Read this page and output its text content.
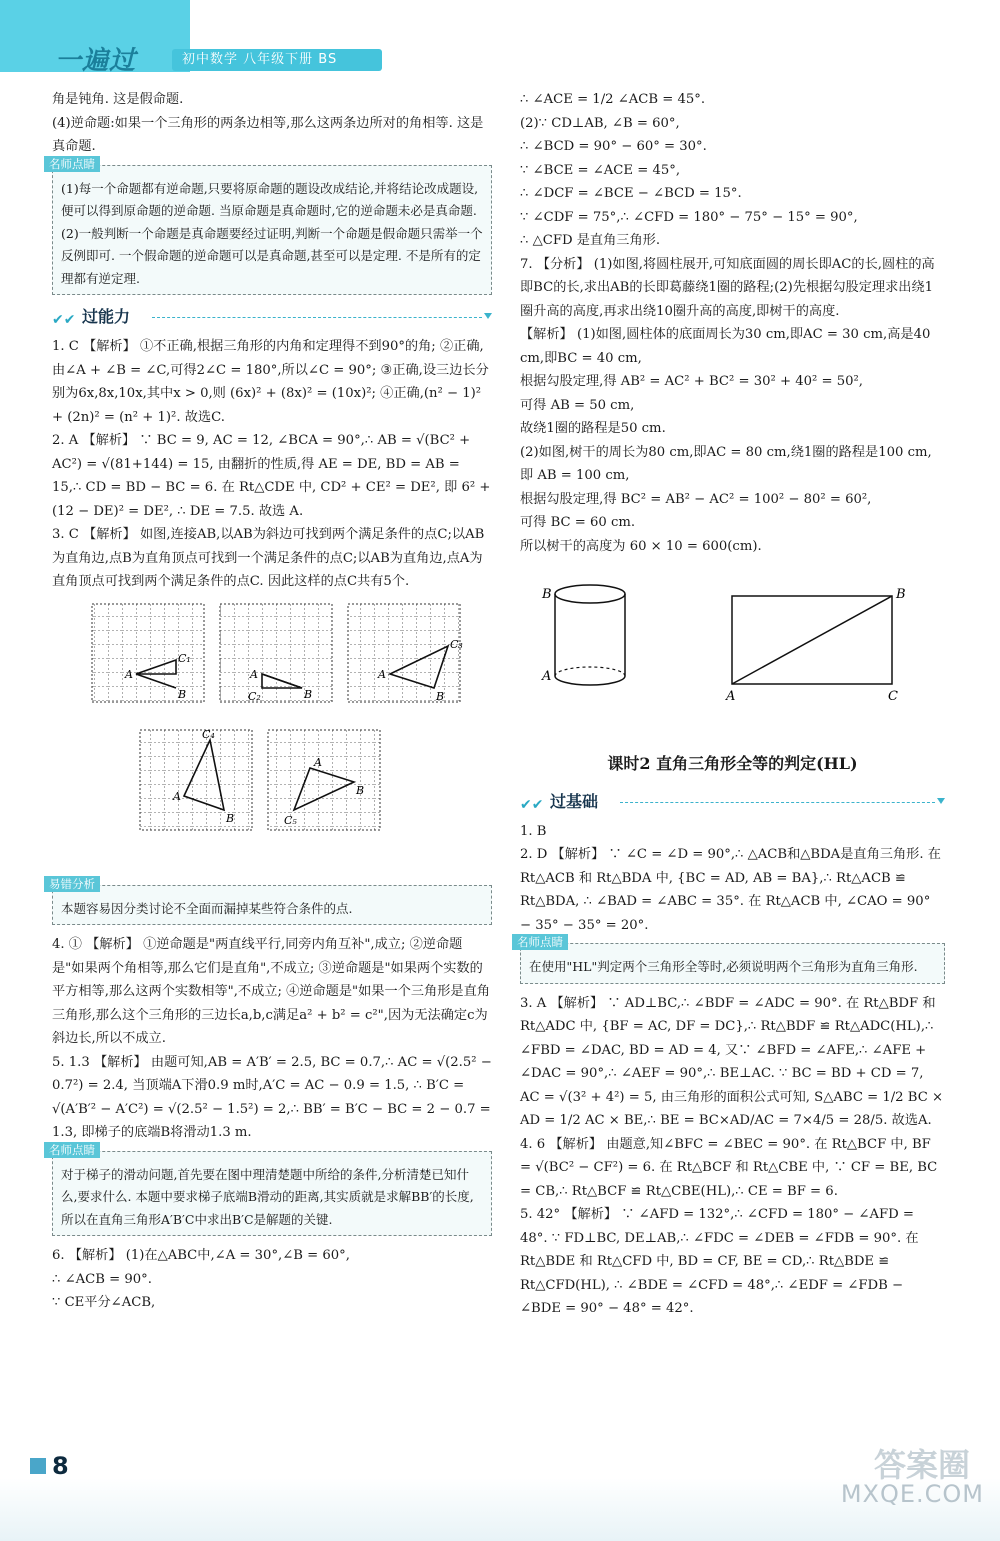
一遍过	初中数学 八年级下册 BS

角是钝角. 这是假命题.

(4)逆命题:如果一个三角形的两条边相等,那么这两条边所对的角相等. 这是真命题.

名师点睛
(1)每一个命题都有逆命题,只要将原命题的题设改成结论,并将结论改成题设,便可以得到原命题的逆命题. 当原命题是真命题时,它的逆命题未必是真命题. (2)一般判断一个命题是真命题要经过证明,判断一个命题是假命题只需举一个反例即可. 一个假命题的逆命题可以是真命题,甚至可以是定理. 不是所有的定理都有逆定理.
✔︎✔︎ 过能力

1. C 【解析】 ①不正确,根据三角形的内角和定理得不到90°的角; ②正确,由∠A + ∠B = ∠C,可得2∠C = 180°,所以∠C = 90°; ③正确,设三边长分别为6x,8x,10x,其中x > 0,则 (6x)² + (8x)² = (10x)²; ④正确,(n² − 1)² + (2n)² = (n² + 1)². 故选C.

2. A 【解析】 ∵ BC = 9, AC = 12, ∠BCA = 90°,∴ AB = √(BC² + AC²) = √(81+144) = 15, 由翻折的性质,得 AE = DE, BD = AB = 15,∴ CD = BD − BC = 6. 在 Rt△CDE 中, CD² + CE² = DE², 即 6² + (12 − DE)² = DE², ∴ DE = 7.5. 故选 A.

3. C 【解析】 如图,连接AB,以AB为斜边可找到两个满足条件的点C;以AB为直角边,点B为直角顶点可找到一个满足条件的点C;以AB为直角边,点A为直角顶点可找到两个满足条件的点C. 因此这样的点C共有5个.

A
B
C₁
A
B
C₂
A
B
C₃
A
B
C₄
A
B
C₅
易错分析
本题容易因分类讨论不全面而漏掉某些符合条件的点.

4. ① 【解析】 ①逆命题是"两直线平行,同旁内角互补",成立; ②逆命题是"如果两个角相等,那么它们是直角",不成立; ③逆命题是"如果两个实数的平方相等,那么这两个实数相等",不成立; ④逆命题是"如果一个三角形是直角三角形,那么这个三角形的三边长a,b,c满足a² + b² = c²",因为无法确定c为斜边长,所以不成立.

5. 1.3 【解析】 由题可知,AB = A′B′ = 2.5, BC = 0.7,∴ AC = √(2.5² − 0.7²) = 2.4, 当顶端A下滑0.9 m时,A′C = AC − 0.9 = 1.5, ∴ B′C = √(A′B′² − A′C²) = √(2.5² − 1.5²) = 2,∴ BB′ = B′C − BC = 2 − 0.7 = 1.3, 即梯子的底端B将滑动1.3 m.

名师点睛
对于梯子的滑动问题,首先要在图中理清楚题中所给的条件,分析清楚已知什么,要求什么. 本题中要求梯子底端B滑动的距离,其实质就是求解BB′的长度,所以在直角三角形A′B′C中求出B′C是解题的关键.

6. 【解析】 (1)在△ABC中,∠A = 30°,∠B = 60°,

∴ ∠ACB = 90°.

∵ CE平分∠ACB,

∴ ∠ACE = 1/2 ∠ACB = 45°.

(2)∵ CD⊥AB, ∠B = 60°,

∴ ∠BCD = 90° − 60° = 30°.

∵ ∠BCE = ∠ACE = 45°,

∴ ∠DCF = ∠BCE − ∠BCD = 15°.

∵ ∠CDF = 75°,∴ ∠CFD = 180° − 75° − 15° = 90°,

∴ △CFD 是直角三角形.

7. 【分析】 (1)如图,将圆柱展开,可知底面圆的周长即AC的长,圆柱的高即BC的长,求出AB的长即葛藤绕1圈的路程;(2)先根据勾股定理求出绕1圈升高的高度,再求出绕10圈升高的高度,即树干的高度.

【解析】 (1)如图,圆柱体的底面周长为30 cm,即AC = 30 cm,高是40 cm,即BC = 40 cm,

根据勾股定理,得 AB² = AC² + BC² = 30² + 40² = 50²,

可得 AB = 50 cm,

故绕1圈的路程是50 cm.

(2)如图,树干的周长为80 cm,即AC = 80 cm,绕1圈的路程是100 cm,

即 AB = 100 cm,

根据勾股定理,得 BC² = AB² − AC² = 100² − 80² = 60²,

可得 BC = 60 cm.

所以树干的高度为 60 × 10 = 600(cm).

B
A
B
A	C
课时2 直角三角形全等的判定(HL)
✔︎✔︎ 过基础

1. B

2. D 【解析】 ∵ ∠C = ∠D = 90°,∴ △ACB和△BDA是直角三角形. 在 Rt△ACB 和 Rt△BDA 中, {BC = AD, AB = BA},∴ Rt△ACB ≌ Rt△BDA, ∴ ∠BAD = ∠ABC = 35°. 在 Rt△ACB 中, ∠CAO = 90° − 35° − 35° = 20°.

名师点睛
在使用"HL"判定两个三角形全等时,必须说明两个三角形为直角三角形.

3. A 【解析】 ∵ AD⊥BC,∴ ∠BDF = ∠ADC = 90°. 在 Rt△BDF 和 Rt△ADC 中, {BF = AC, DF = DC},∴ Rt△BDF ≌ Rt△ADC(HL),∴ ∠FBD = ∠DAC, BD = AD = 4, 又∵ ∠BFD = ∠AFE,∴ ∠AFE + ∠DAC = 90°,∴ ∠AEF = 90°,∴ BE⊥AC. ∵ BC = BD + CD = 7, AC = √(3² + 4²) = 5, 由三角形的面积公式可知, S△ABC = 1/2 BC × AD = 1/2 AC × BE,∴ BE = BC×AD/AC = 7×4/5 = 28/5. 故选A.

4. 6 【解析】 由题意,知∠BFC = ∠BEC = 90°. 在 Rt△BCF 中, BF = √(BC² − CF²) = 6. 在 Rt△BCF 和 Rt△CBE 中, ∵ CF = BE, BC = CB,∴ Rt△BCF ≌ Rt△CBE(HL),∴ CE = BF = 6.

5. 42° 【解析】 ∵ ∠AFD = 132°,∴ ∠CFD = 180° − ∠AFD = 48°. ∵ FD⊥BC, DE⊥AB,∴ ∠FDC = ∠DEB = ∠FDB = 90°. 在 Rt△BDE 和 Rt△CFD 中, BD = CF, BE = CD,∴ Rt△BDE ≌ Rt△CFD(HL), ∴ ∠BDE = ∠CFD = 48°,∴ ∠EDF = ∠FDB − ∠BDE = 90° − 48° = 42°.

8	答案圈
MXQE.COM
